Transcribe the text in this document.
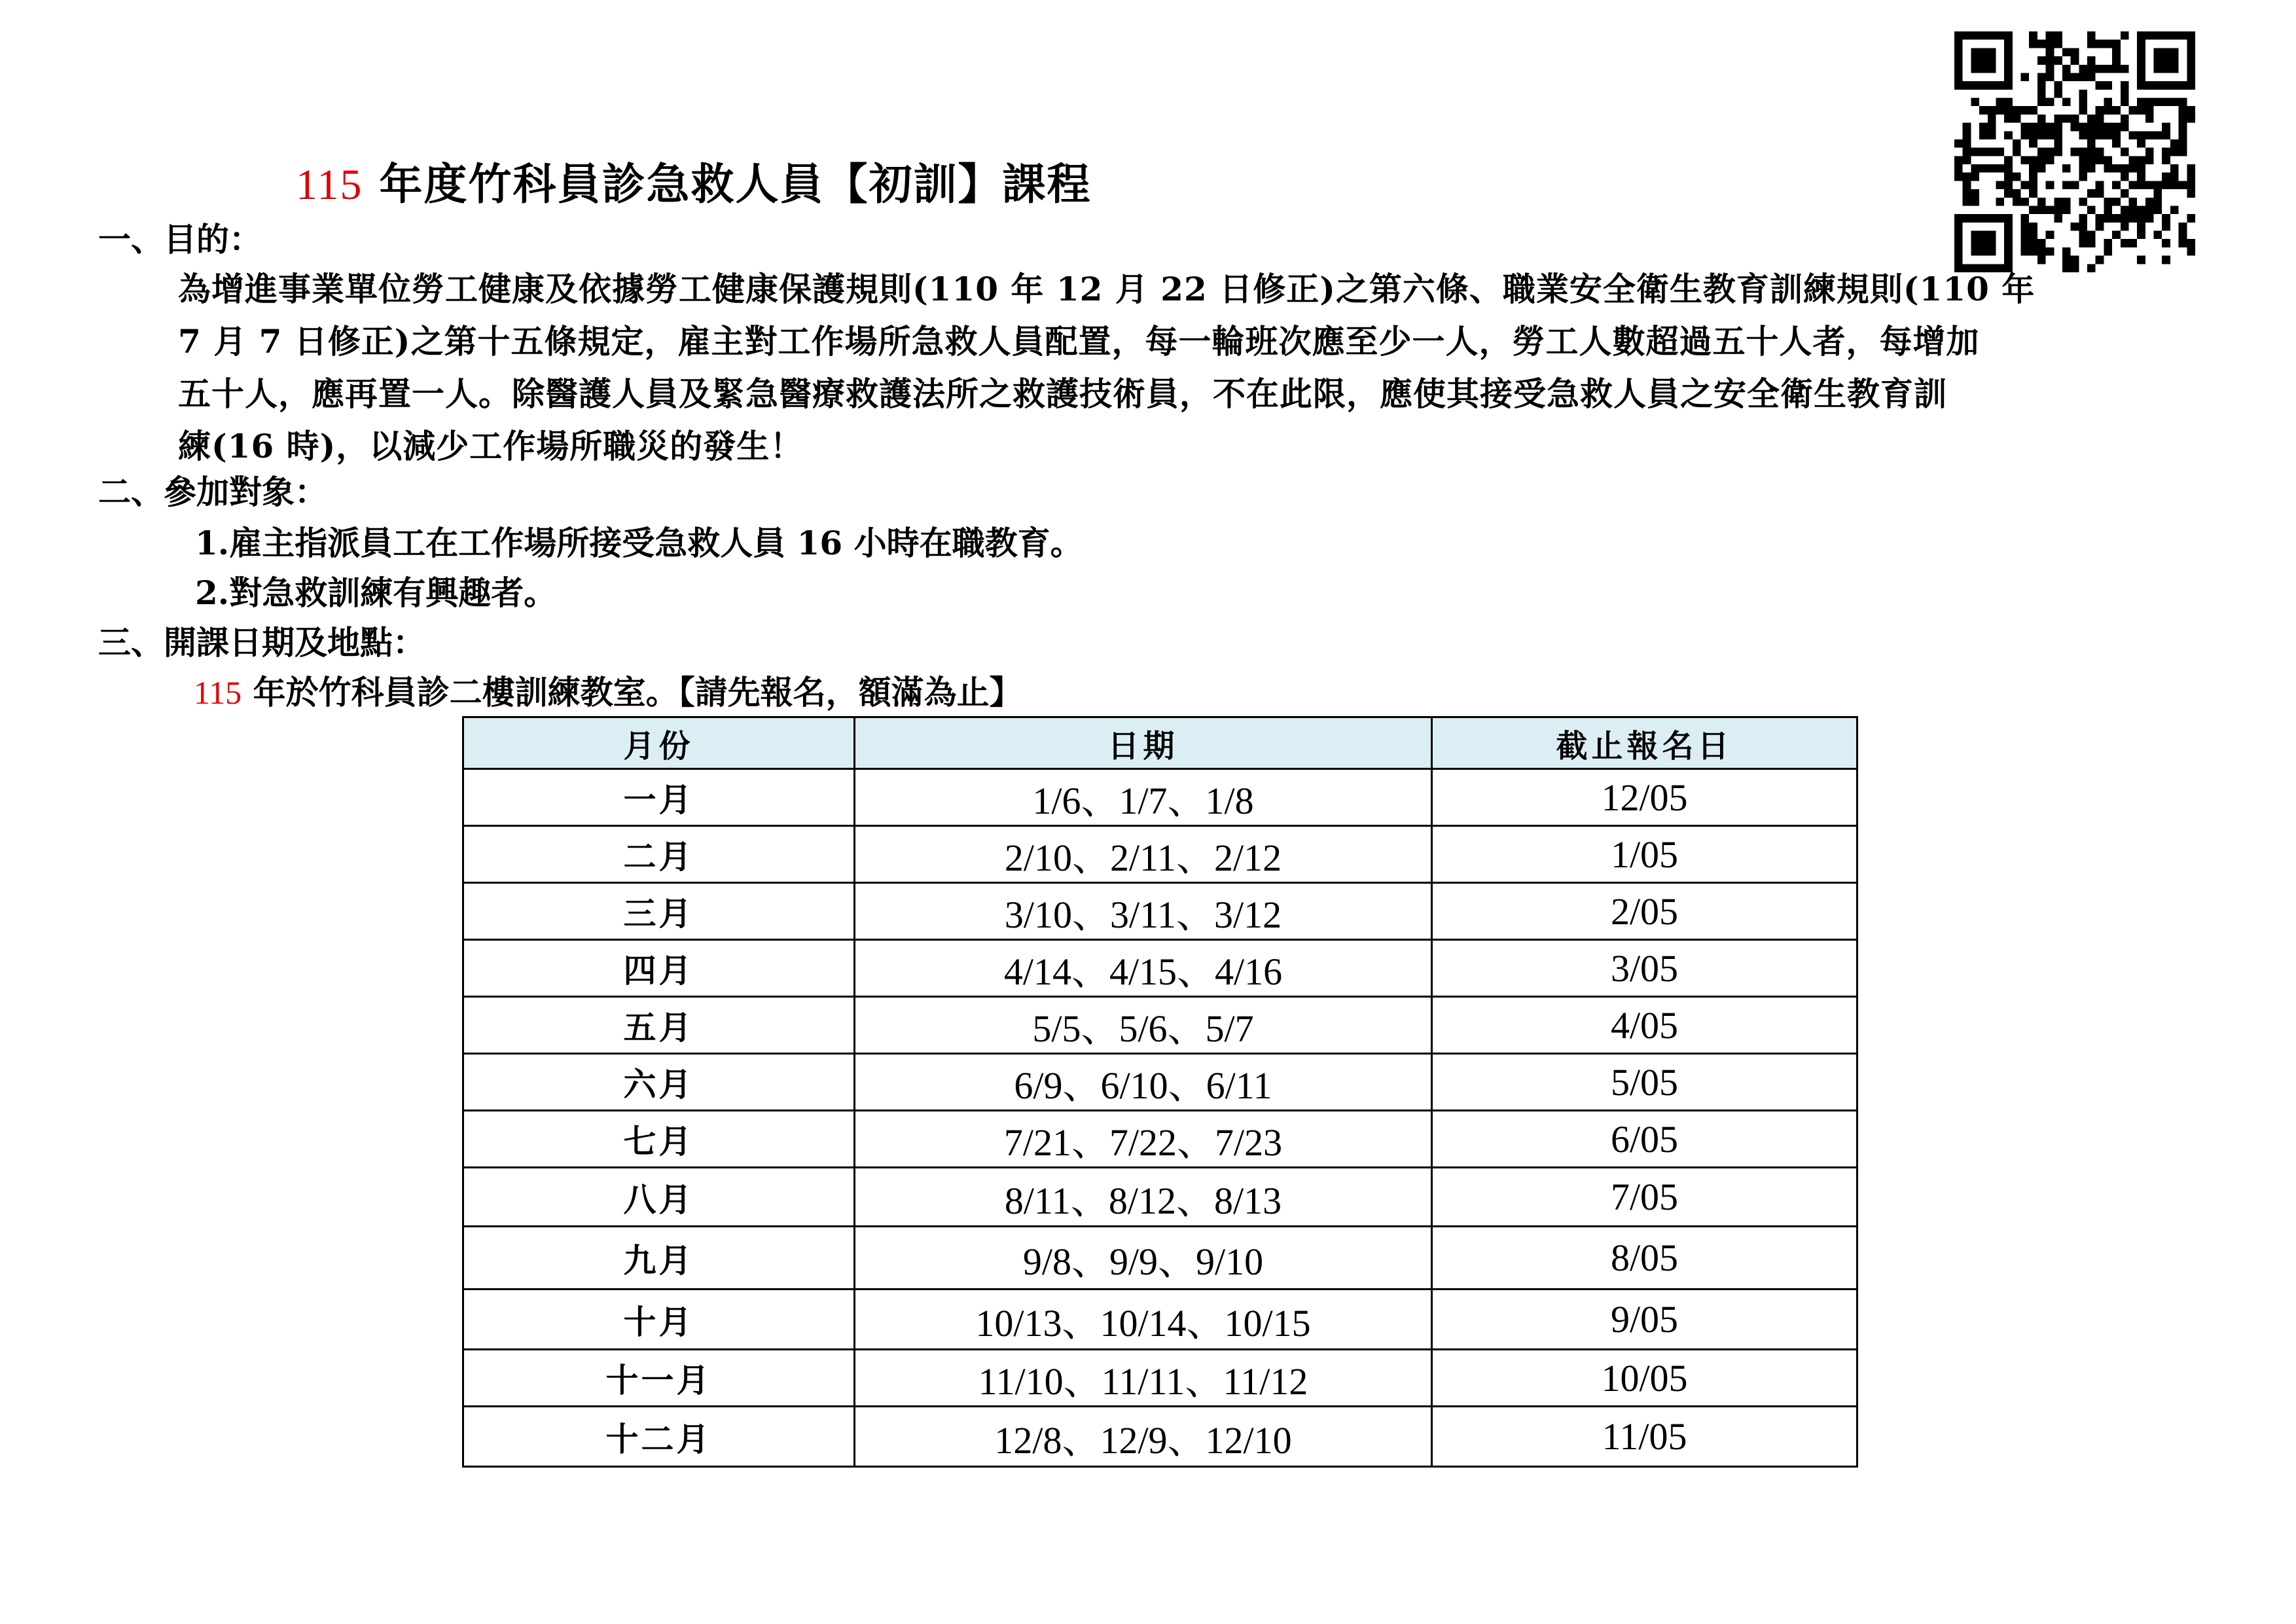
115 年度竹科員診急救人員【初訓】課程
一、目的：
為增進事業單位勞工健康及依據勞工健康保護規則(110 年 12 月 22 日修正)之第六條、職業安全衛生教育訓練規則(110 年
7 月 7 日修正)之第十五條規定，雇主對工作場所急救人員配置，每一輪班次應至少一人，勞工人數超過五十人者，每增加
五十人，應再置一人。除醫護人員及緊急醫療救護法所之救護技術員，不在此限，應使其接受急救人員之安全衛生教育訓
練(16 時)，以減少工作場所職災的發生！
二、參加對象：
1.雇主指派員工在工作場所接受急救人員 16 小時在職教育。
2.對急救訓練有興趣者。
三、開課日期及地點：
115 年於竹科員診二樓訓練教室。【請先報名，額滿為止】
月份	日期	截止報名日
一月	1/6、1/7、1/8	12/05
二月	2/10、2/11、2/12	1/05
三月	3/10、3/11、3/12	2/05
四月	4/14、4/15、4/16	3/05
五月	5/5、5/6、5/7	4/05
六月	6/9、6/10、6/11	5/05
七月	7/21、7/22、7/23	6/05
八月	8/11、8/12、8/13	7/05
九月	9/8、9/9、9/10	8/05
十月	10/13、10/14、10/15	9/05
十一月	11/10、11/11、11/12	10/05
十二月	12/8、12/9、12/10	11/05
